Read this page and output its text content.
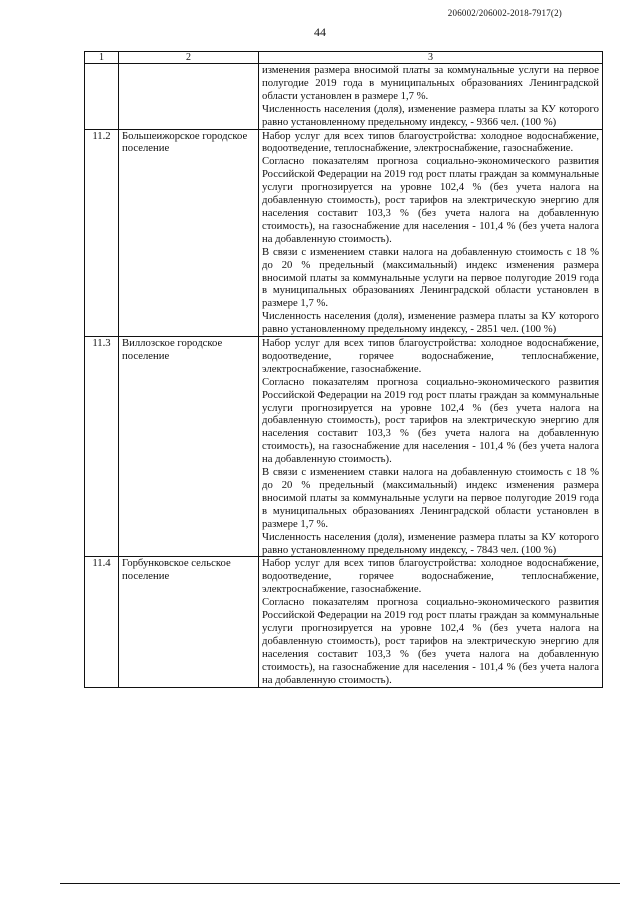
206002/206002-2018-7917(2)
44
1	2	3

		изменения размера вносимой платы за коммунальные услуги на первое полугодие 2019 года в муниципальных образованиях Ленинградской области установлен в размере 1,7 %.

Численность населения (доля), изменение размера платы за КУ которого равно установленному предельному индексу, - 9366 чел. (100 %)

11.2	Большеижорское городское поселение	Набор услуг для всех типов благоустройства: холодное водоснабжение, водоотведение, теплоснабжение, электроснабжение, газоснабжение.

Согласно показателям прогноза социально-экономического развития Российской Федерации на 2019 год рост платы граждан за коммунальные услуги прогнозируется на уровне 102,4 % (без учета налога на добавленную стоимость), рост тарифов на электрическую энергию для населения составит 103,3 % (без учета налога на добавленную стоимость), на газоснабжение для населения - 101,4 % (без учета налога на добавленную стоимость).

В связи с изменением ставки налога на добавленную стоимость с 18 % до 20 % предельный (максимальный) индекс изменения размера вносимой платы за коммунальные услуги на первое полугодие 2019 года в муниципальных образованиях Ленинградской области установлен в размере 1,7 %.

Численность населения (доля), изменение размера платы за КУ которого равно установленному предельному индексу, - 2851 чел. (100 %)

11.3	Виллозское городское поселение	Набор услуг для всех типов благоустройства: холодное водоснабжение, водоотведение, горячее водоснабжение, теплоснабжение, электроснабжение, газоснабжение.

Согласно показателям прогноза социально-экономического развития Российской Федерации на 2019 год рост платы граждан за коммунальные услуги прогнозируется на уровне 102,4 % (без учета налога на добавленную стоимость), рост тарифов на электрическую энергию для населения составит 103,3 % (без учета налога на добавленную стоимость), на газоснабжение для населения - 101,4 % (без учета налога на добавленную стоимость).

В связи с изменением ставки налога на добавленную стоимость с 18 % до 20 % предельный (максимальный) индекс изменения размера вносимой платы за коммунальные услуги на первое полугодие 2019 года в муниципальных образованиях Ленинградской области установлен в размере 1,7 %.

Численность населения (доля), изменение размера платы за КУ которого равно установленному предельному индексу, - 7843 чел. (100 %)

11.4	Горбунковское сельское поселение	Набор услуг для всех типов благоустройства: холодное водоснабжение, водоотведение, горячее водоснабжение, теплоснабжение, электроснабжение, газоснабжение.

Согласно показателям прогноза социально-экономического развития Российской Федерации на 2019 год рост платы граждан за коммунальные услуги прогнозируется на уровне 102,4 % (без учета налога на добавленную стоимость), рост тарифов на электрическую энергию для населения составит 103,3 % (без учета налога на добавленную стоимость), на газоснабжение для населения - 101,4 % (без учета налога на добавленную стоимость).
